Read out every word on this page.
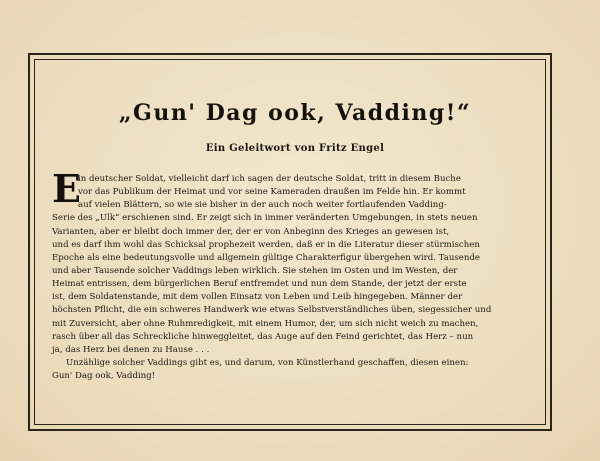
„Gun' Dag ook, Vadding!“
Ein Geleitwort von Fritz Engel
E
in deutscher Soldat, vielleicht darf ich sagen der deutsche Soldat, tritt in diesem Buche
vor das Publikum der Heimat und vor seine Kameraden draußen im Felde hin. Er kommt
auf vielen Blättern, so wie sie bisher in der auch noch weiter fortlaufenden Vadding-
Serie des „Ulk“ erschienen sind. Er zeigt sich in immer veränderten Umgebungen, in stets neuen
Varianten, aber er bleibt doch immer der, der er von Anbeginn des Krieges an gewesen ist,
und es darf ihm wohl das Schicksal prophezeit werden, daß er in die Literatur dieser stürmischen
Epoche als eine bedeutungsvolle und allgemein gültige Charakterfigur übergehen wird. Tausende
und aber Tausende solcher Vaddings leben wirklich. Sie stehen im Osten und im Westen, der
Heimat entrissen, dem bürgerlichen Beruf entfremdet und nun dem Stande, der jetzt der erste
ist, dem Soldatenstande, mit dem vollen Einsatz von Leben und Leib hingegeben. Männer der
höchsten Pflicht, die ein schweres Handwerk wie etwas Selbstverständliches üben, siegessicher und
mit Zuversicht, aber ohne Ruhmredigkeit, mit einem Humor, der, um sich nicht weich zu machen,
rasch über all das Schreckliche hinweggleitet, das Auge auf den Feind gerichtet, das Herz – nun
ja, das Herz bei denen zu Hause . . .
Unzählige solcher Vaddings gibt es, und darum, von Künstlerhand geschaffen, diesen einen:
Gun' Dag ook, Vadding!
